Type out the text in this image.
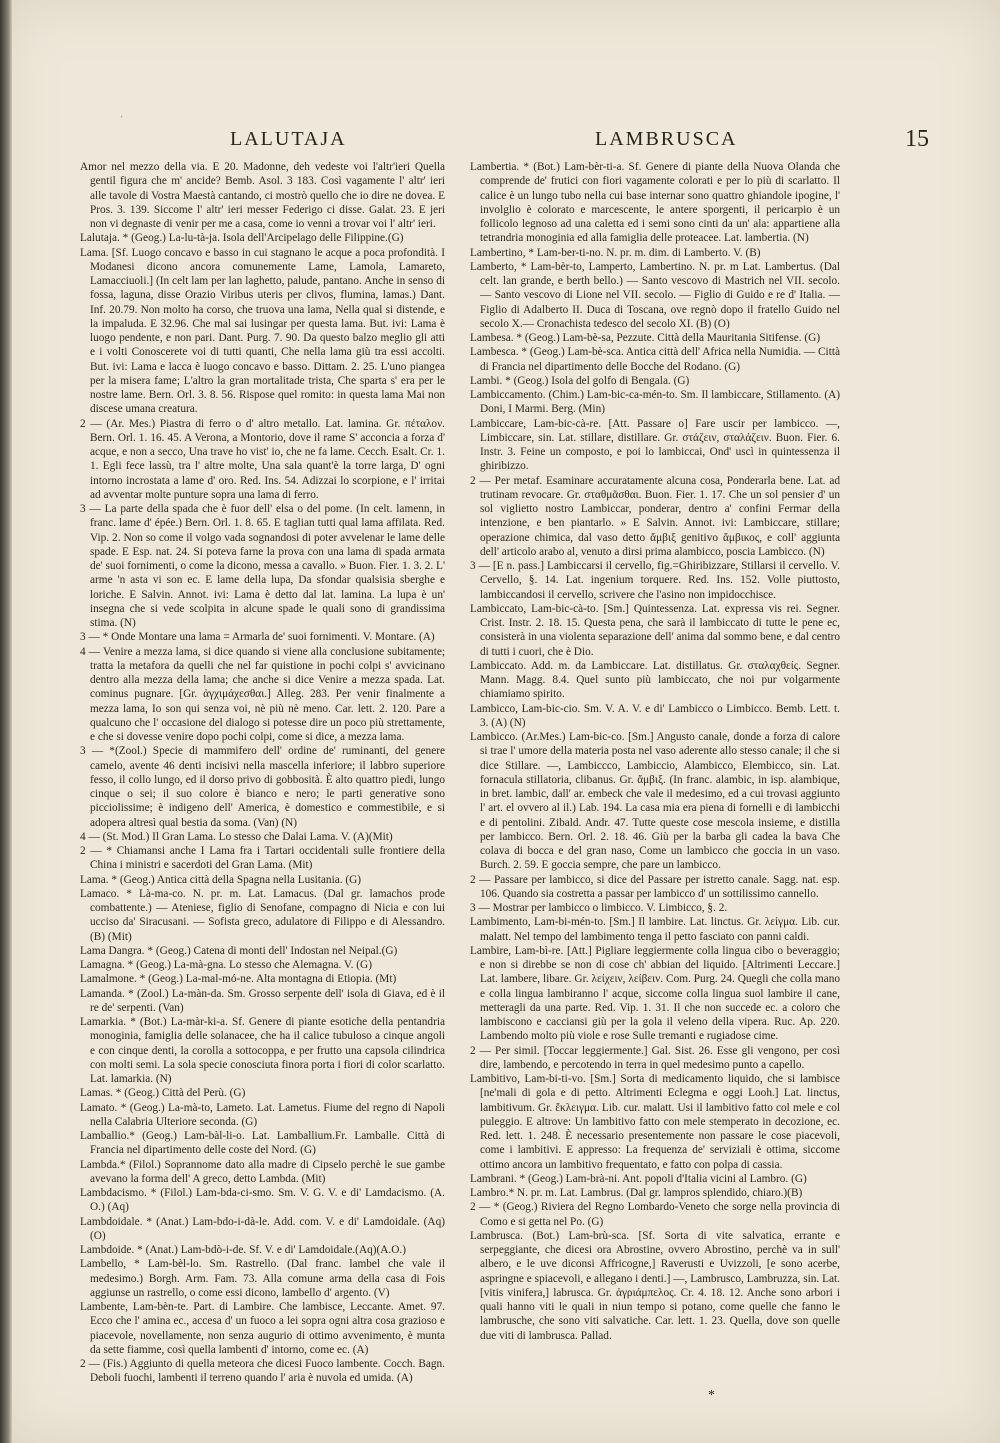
ʻ
LALUTAJA	LAMBRUSCA	15

Amor nel mezzo della via. E 20. Madonne, deh vedeste voi l'altr'ieri Quella gentil figura che m' ancide? Bemb. Asol. 3 183. Così vagamente l' altr' ieri alle tavole di Vostra Maestà cantando, ci mostrò quello che io dire ne dovea. E Pros. 3. 139. Siccome l' altr' ieri messer Federigo ci disse. Galat. 23. E jeri non vi degnaste di venir per me a casa, come io venni a trovar voi l' altr' ieri.

Lalutaja. * (Geog.) La-lu-tà-ja. Isola dell'Arcipelago delle Filippine.(G)

Lama. [Sf. Luogo concavo e basso in cui stagnano le acque a poca profondità. I Modanesi dicono ancora comunemente Lame, Lamola, Lamareto, Lamacciuoli.] (In celt lam per lan laghetto, palude, pantano. Anche in senso di fossa, laguna, disse Orazio Viribus uteris per clivos, flumina, lamas.) Dant. Inf. 20.79. Non molto ha corso, che truova una lama, Nella qual si distende, e la impaluda. E 32.96. Che mal sai lusingar per questa lama. But. ivi: Lama è luogo pendente, e non pari. Dant. Purg. 7. 90. Da questo balzo meglio gli atti e i volti Conoscerete voi di tutti quanti, Che nella lama giù tra essi accolti. But. ivi: Lama e lacca è luogo concavo e basso. Dittam. 2. 25. L'uno piangea per la misera fame; L'altro la gran mortalitade trista, Che sparta s' era per le nostre lame. Bern. Orl. 3. 8. 56. Rispose quel romito: in questa lama Mai non discese umana creatura.

2 — (Ar. Mes.) Piastra di ferro o d' altro metallo. Lat. lamina. Gr. πέταλον. Bern. Orl. 1. 16. 45. A Verona, a Montorio, dove il rame S' acconcia a forza d' acque, e non a secco, Una trave ho vist' io, che ne fa lame. Cecch. Esalt. Cr. 1. 1. Egli fece lassù, tra l' altre molte, Una sala quant'è la torre larga, D' ogni intorno incrostata a lame d' oro. Red. Ins. 54. Adizzai lo scorpione, e l' irritai ad avventar molte punture sopra una lama di ferro.

3 — La parte della spada che è fuor dell' elsa o del pome. (In celt. lamenn, in franc. lame d' épée.) Bern. Orl. 1. 8. 65. E taglian tutti qual lama affilata. Red. Vip. 2. Non so come il volgo vada sognandosi di poter avvelenar le lame delle spade. E Esp. nat. 24. Si poteva farne la prova con una lama di spada armata de' suoi fornimenti, o come la dicono, messa a cavallo. » Buon. Fier. 1. 3. 2. L' arme 'n asta vi son ec. E lame della lupa, Da sfondar qualsisia sberghe e loriche. E Salvin. Annot. ivi: Lama è detto dal lat. lamina. La lupa è un' insegna che si vede scolpita in alcune spade le quali sono di grandissima stima. (N)

3 — * Onde Montare una lama = Armarla de' suoi fornimenti. V. Montare. (A)

4 — Venire a mezza lama, si dice quando si viene alla conclusione subitamente; tratta la metafora da quelli che nel far quistione in pochi colpi s' avvicinano dentro alla mezza della lama; che anche si dice Venire a mezza spada. Lat. cominus pugnare. [Gr. ἀγχιμάχεσθαι.] Alleg. 283. Per venir finalmente a mezza lama, Io son qui senza voi, nè più nè meno. Car. lett. 2. 120. Pare a qualcuno che l' occasione del dialogo si potesse dire un poco più strettamente, e che si dovesse venire dopo pochi colpi, come si dice, a mezza lama.

3 — *(Zool.) Specie di mammifero dell' ordine de' ruminanti, del genere camelo, avente 46 denti incisivi nella mascella inferiore; il labbro superiore fesso, il collo lungo, ed il dorso privo di gobbosità. È alto quattro piedi, lungo cinque o sei; il suo colore è bianco e nero; le parti generative sono picciolissime; è indigeno dell' America, è domestico e commestibile, e si adopera altresì qual bestia da soma. (Van) (N)

4 — (St. Mod.) Il Gran Lama. Lo stesso che Dalai Lama. V. (A)(Mit)

2 — * Chiamansi anche I Lama fra i Tartari occidentali sulle frontiere della China i ministri e sacerdoti del Gran Lama. (Mit)

Lama. * (Geog.) Antica città della Spagna nella Lusitania. (G)

Lamaco. * Là-ma-co. N. pr. m. Lat. Lamacus. (Dal gr. lamachos prode combattente.) — Ateniese, figlio di Senofane, compagno di Nicia e con lui ucciso da' Siracusani. — Sofista greco, adulatore di Filippo e di Alessandro. (B) (Mit)

Lama Dangra. * (Geog.) Catena di monti dell' Indostan nel Neipal.(G)

Lamagna. * (Geog.) La-mà-gna. Lo stesso che Alemagna. V. (G)

Lamalmone. * (Geog.) La-mal-mó-ne. Alta montagna di Etiopia. (Mt)

Lamanda. * (Zool.) La-màn-da. Sm. Grosso serpente dell' isola di Giava, ed è il re de' serpenti. (Van)

Lamarkia. * (Bot.) La-màr-ki-a. Sf. Genere di piante esotiche della pentandria monoginia, famiglia delle solanacee, che ha il calice tubuloso a cinque angoli e con cinque denti, la corolla a sottocoppa, e per frutto una capsola cilindrica con molti semi. La sola specie conosciuta finora porta i fiori di color scarlatto. Lat. lamarkia. (N)

Lamas. * (Geog.) Città del Perù. (G)

Lamato. * (Geog.) La-mà-to, Lameto. Lat. Lametus. Fiume del regno di Napoli nella Calabria Ulteriore seconda. (G)

Lamballio.* (Geog.) Lam-bàl-li-o. Lat. Lamballium.Fr. Lamballe. Città di Francia nel dipartimento delle coste del Nord. (G)

Lambda.* (Filol.) Soprannome dato alla madre di Cipselo perchè le sue gambe avevano la forma dell' A greco, detto Lambda. (Mit)

Lambdacismo. * (Filol.) Lam-bda-ci-smo. Sm. V. G. V. e di' Lamdacismo. (A. O.) (Aq)

Lambdoidale. * (Anat.) Lam-bdo-i-dà-le. Add. com. V. e di' Lamdoidale. (Aq) (O)

Lambdoide. * (Anat.) Lam-bdò-i-de. Sf. V. e di' Lamdoidale.(Aq)(A.O.)

Lambello, * Lam-bèl-lo. Sm. Rastrello. (Dal franc. lambel che vale il medesimo.) Borgh. Arm. Fam. 73. Alla comune arma della casa di Fois aggiunse un rastrello, o come essi dicono, lambello d' argento. (V)

Lambente, Lam-bèn-te. Part. di Lambire. Che lambisce, Leccante. Amet. 97. Ecco che l' amina ec., accesa d' un fuoco a lei sopra ogni altra cosa grazioso e piacevole, novellamente, non senza augurio di ottimo avvenimento, è munta da sette fiamme, così quella lambenti d' intorno, come ec. (A)

2 — (Fis.) Aggiunto di quella meteora che dicesi Fuoco lambente. Cocch. Bagn. Deboli fuochi, lambenti il terreno quando l' aria è nuvola ed umida. (A)

Lambertia. * (Bot.) Lam-bèr-ti-a. Sf. Genere di piante della Nuova Olanda che comprende de' frutici con fiori vagamente colorati e per lo più di scarlatto. Il calice è un lungo tubo nella cui base internar sono quattro ghiandole ipogine, l' involglio è colorato e marcescente, le antere sporgenti, il pericarpio è un follicolo legnoso ad una caletta ed i semi sono cinti da un' ala: appartiene alla tetrandria monoginia ed alla famiglia delle proteacee. Lat. lambertia. (N)

Lambertino, * Lam-ber-ti-no. N. pr. m. dim. di Lamberto. V. (B)

Lamberto, * Lam-bèr-to, Lamperto, Lambertino. N. pr. m Lat. Lambertus. (Dal celt. lan grande, e berth bello.) — Santo vescovo di Mastrich nel VII. secolo. — Santo vescovo di Lione nel VII. secolo. — Figlio di Guido e re d' Italia. — Figlio di Adalberto II. Duca di Toscana, ove regnò dopo il fratello Guido nel secolo X.— Cronachista tedesco del secolo XI. (B) (O)

Lambesa. * (Geog.) Lam-bè-sa, Pezzute. Città della Mauritania Sitifense. (G)

Lambesca. * (Geog.) Lam-bè-sca. Antica città dell' Africa nella Numidia. — Città di Francia nel dipartimento delle Bocche del Rodano. (G)

Lambi. * (Geog.) Isola del golfo di Bengala. (G)

Lambiccamento. (Chim.) Lam-bic-ca-mén-to. Sm. Il lambiccare, Stillamento. (A) Doni, I Marmi. Berg. (Min)

Lambiccare, Lam-bic-cà-re. [Att. Passare o] Fare uscir per lambicco. —, Limbiccare, sin. Lat. stillare, distillare. Gr. στάζειν, σταλάζειν. Buon. Fier. 6. Instr. 3. Feine un composto, e poi lo lambiccai, Ond' uscì in quintessenza il ghiribizzo.

2 — Per metaf. Esaminare accuratamente alcuna cosa, Ponderarla bene. Lat. ad trutinam revocare. Gr. σταθμᾶσθαι. Buon. Fier. 1. 17. Che un sol pensier d' un sol viglietto nostro Lambiccar, ponderar, dentro a' confini Fermar della intenzione, e ben piantarlo. » E Salvin. Annot. ivi: Lambiccare, stillare; operazione chimica, dal vaso detto ἄμβιξ genitivo ἄμβικος, e coll' aggiunta dell' articolo arabo al, venuto a dirsi prima alambicco, poscia Lambicco. (N)

3 — [E n. pass.] Lambiccarsi il cervello, fig.=Ghiribizzare, Stillarsi il cervello. V. Cervello, §. 14. Lat. ingenium torquere. Red. Ins. 152. Volle piuttosto, lambiccandosi il cervello, scrivere che l'asino non impidocchisce.

Lambiccato, Lam-bic-cà-to. [Sm.] Quintessenza. Lat. expressa vis rei. Segner. Crist. Instr. 2. 18. 15. Questa pena, che sarà il lambiccato di tutte le pene ec, consisterà in una violenta separazione dell' anima dal sommo bene, e dal centro di tutti i cuori, che è Dio.

Lambiccato. Add. m. da Lambiccare. Lat. distillatus. Gr. σταλαχθείς. Segner. Mann. Magg. 8.4. Quel sunto più lambiccato, che noi pur volgarmente chiamiamo spirito.

Lambicco, Lam-bic-cio. Sm. V. A. V. e di' Lambicco o Limbicco. Bemb. Lett. t. 3. (A) (N)

Lambicco. (Ar.Mes.) Lam-bic-co. [Sm.] Angusto canale, donde a forza di calore si trae l' umore della materia posta nel vaso aderente allo stesso canale; il che si dice Stillare. —, Lambiccco, Lambiccio, Alambicco, Elembicco, sin. Lat. fornacula stillatoria, clibanus. Gr. ἄμβιξ. (In franc. alambic, in isp. alambique, in bret. lambic, dall' ar. embeck che vale il medesimo, ed a cui trovasi aggiunto l' art. el ovvero al il.) Lab. 194. La casa mia era piena di fornelli e di lambicchi e di pentolini. Zibald. Andr. 47. Tutte queste cose mescola insieme, e distilla per lambicco. Bern. Orl. 2. 18. 46. Giù per la barba gli cadea la bava Che colava di bocca e del gran naso, Come un lambicco che goccia in un vaso. Burch. 2. 59. E goccia sempre, che pare un lambicco.

2 — Passare per lambicco, si dice del Passare per istretto canale. Sagg. nat. esp. 106. Quando sia costretta a passar per lambicco d' un sottilissimo cannello.

3 — Mostrar per lambicco o limbicco. V. Limbicco, §. 2.

Lambimento, Lam-bi-mén-to. [Sm.] Il lambire. Lat. linctus. Gr. λείγμα. Lib. cur. malatt. Nel tempo del lambimento tenga il petto fasciato con panni caldi.

Lambire, Lam-bì-re. [Att.] Pigliare leggiermente colla lingua cibo o beveraggio; e non si direbbe se non di cose ch' abbian del liquido. [Altrimenti Leccare.] Lat. lambere, libare. Gr. λείχειν, λείβειν. Com. Purg. 24. Quegli che colla mano e colla lingua lambiranno l' acque, siccome colla lingua suol lambire il cane, metteragli da una parte. Red. Vip. 1. 31. Il che non succede ec. a coloro che lambiscono e cacciansi giù per la gola il veleno della vipera. Ruc. Ap. 220. Lambendo molto più viole e rose Sulle tremanti e rugiadose cime.

2 — Per simil. [Toccar leggiermente.] Gal. Sist. 26. Esse gli vengono, per così dire, lambendo, e percotendo in terra in quel medesimo punto a capello.

Lambitivo, Lam-bi-ti-vo. [Sm.] Sorta di medicamento liquido, che si lambisce [ne'mali di gola e di petto. Altrimenti Eclegma e oggi Looh.] Lat. linctus, lambitivum. Gr. ἔκλειγμα. Lib. cur. malatt. Usi il lambitivo fatto col mele e col puleggio. E altrove: Un lambitivo fatto con mele stemperato in decozione, ec. Red. lett. 1. 248. È necessario presentemente non passare le cose piacevoli, come i lambitivi. E appresso: La frequenza de' serviziali è ottima, siccome ottimo ancora un lambitivo frequentato, e fatto con polpa di cassia.

Lambrani. * (Geog.) Lam-brà-ni. Ant. popoli d'Italia vicini al Lambro. (G)

Lambro.* N. pr. m. Lat. Lambrus. (Dal gr. lampros splendido, chiaro.)(B)

2 — * (Geog.) Riviera del Regno Lombardo-Veneto che sorge nella provincia di Como e si getta nel Po. (G)

Lambrusca. (Bot.) Lam-brù-sca. [Sf. Sorta di vite salvatica, errante e serpeggiante, che dicesi ora Abrostine, ovvero Abrostino, perchè va in sull' albero, e le uve diconsi Affricogne,] Raverusti e Uvizzoli, [e sono acerbe, aspringne e spiacevoli, e allegano i denti.] —, Lambrusco, Lambruzza, sin. Lat. [vitis vinifera,] labrusca. Gr. ἀγριάμπελος. Cr. 4. 18. 12. Anche sono arbori i quali hanno viti le quali in niun tempo si potano, come quelle che fanno le lambrusche, che sono viti salvatiche. Car. lett. 1. 23. Quella, dove son quelle due viti di lambrusca. Pallad.

*
